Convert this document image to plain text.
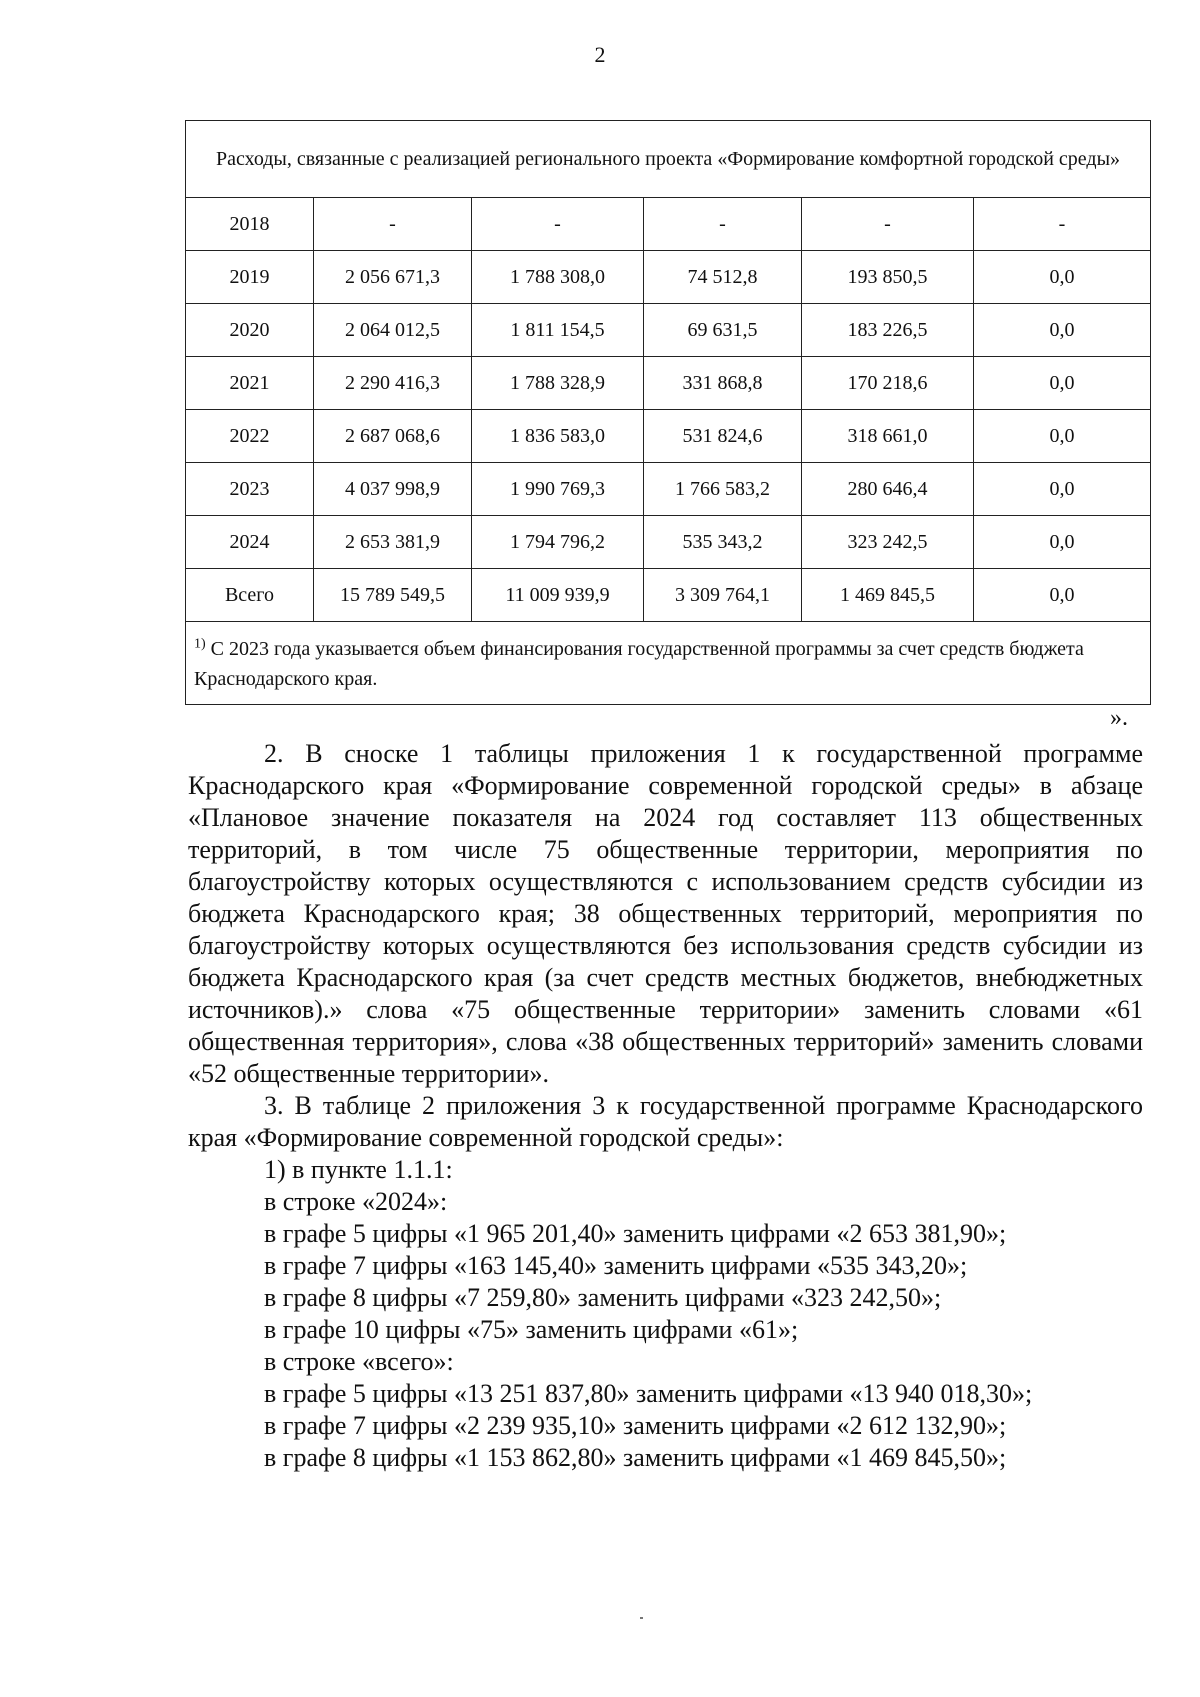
2
Расходы, связанные с реализацией регионального проекта «Формирование комфортной городской среды»					
2018	-	-	-	-	-
2019	2 056 671,3	1 788 308,0	74 512,8	193 850,5	0,0
2020	2 064 012,5	1 811 154,5	69 631,5	183 226,5	0,0
2021	2 290 416,3	1 788 328,9	331 868,8	170 218,6	0,0
2022	2 687 068,6	1 836 583,0	531 824,6	318 661,0	0,0
2023	4 037 998,9	1 990 769,3	1 766 583,2	280 646,4	0,0
2024	2 653 381,9	1 794 796,2	535 343,2	323 242,5	0,0
Всего	15 789 549,5	11 009 939,9	3 309 764,1	1 469 845,5	0,0
$^{1)}$ С 2023 года указывается объем финансирования государственной программы за счет средств бюджета Краснодарского края.					
».

2. В сноске 1 таблицы приложения 1 к государственной программе Краснодарского края «Формирование современной городской среды» в абзаце «Плановое значение показателя на 2024 год составляет 113 общественных территорий, в том числе 75 общественные территории, мероприятия по благоустройству которых осуществляются с использованием средств субсидии из бюджета Краснодарского края; 38 общественных территорий, мероприятия по благоустройству которых осуществляются без использования средств субсидии из бюджета Краснодарского края (за счет средств местных бюджетов, внебюджетных источников).» слова «75 общественные территории» заменить словами «61 общественная территория», слова «38 общественных территорий» заменить словами «52 общественные территории».

3. В таблице 2 приложения 3 к государственной программе Краснодарского края «Формирование современной городской среды»:

1) в пункте 1.1.1:

в строке «2024»:

в графе 5 цифры «1 965 201,40» заменить цифрами «2 653 381,90»;

в графе 7 цифры «163 145,40» заменить цифрами «535 343,20»;

в графе 8 цифры «7 259,80» заменить цифрами «323 242,50»;

в графе 10 цифры «75» заменить цифрами «61»;

в строке «всего»:

в графе 5 цифры «13 251 837,80» заменить цифрами «13 940 018,30»;

в графе 7 цифры «2 239 935,10» заменить цифрами «2 612 132,90»;

в графе 8 цифры «1 153 862,80» заменить цифрами «1 469 845,50»;
